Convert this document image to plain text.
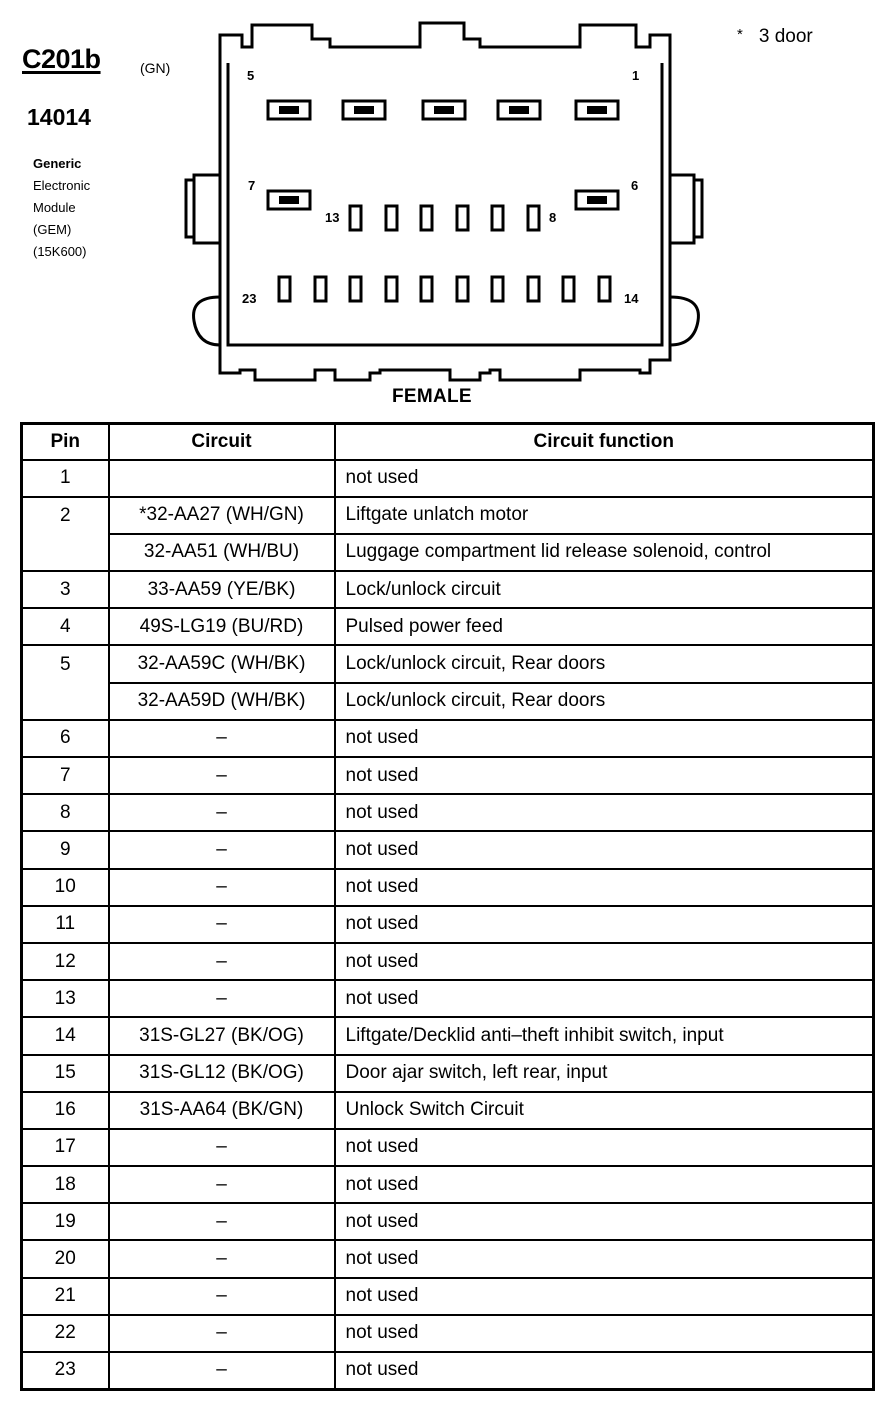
C201b	(GN)
14014
Generic
Electronic
Module
(GEM)
(15K600)
* 3 door
5	1
7	6
13	8
23	14
FEMALE
Pin	Circuit	Circuit function
1		not used
2	*32-AA27 (WH/GN)	Liftgate unlatch motor
	32-AA51 (WH/BU)	Luggage compartment lid release solenoid, control
3	33-AA59 (YE/BK)	Lock/unlock circuit
4	49S-LG19 (BU/RD)	Pulsed power feed
5	32-AA59C (WH/BK)	Lock/unlock circuit, Rear doors
	32-AA59D (WH/BK)	Lock/unlock circuit, Rear doors
6	–	not used
7	–	not used
8	–	not used
9	–	not used
10	–	not used
11	–	not used
12	–	not used
13	–	not used
14	31S-GL27 (BK/OG)	Liftgate/Decklid anti–theft inhibit switch, input
15	31S-GL12 (BK/OG)	Door ajar switch, left rear, input
16	31S-AA64 (BK/GN)	Unlock Switch Circuit
17	–	not used
18	–	not used
19	–	not used
20	–	not used
21	–	not used
22	–	not used
23	–	not used
